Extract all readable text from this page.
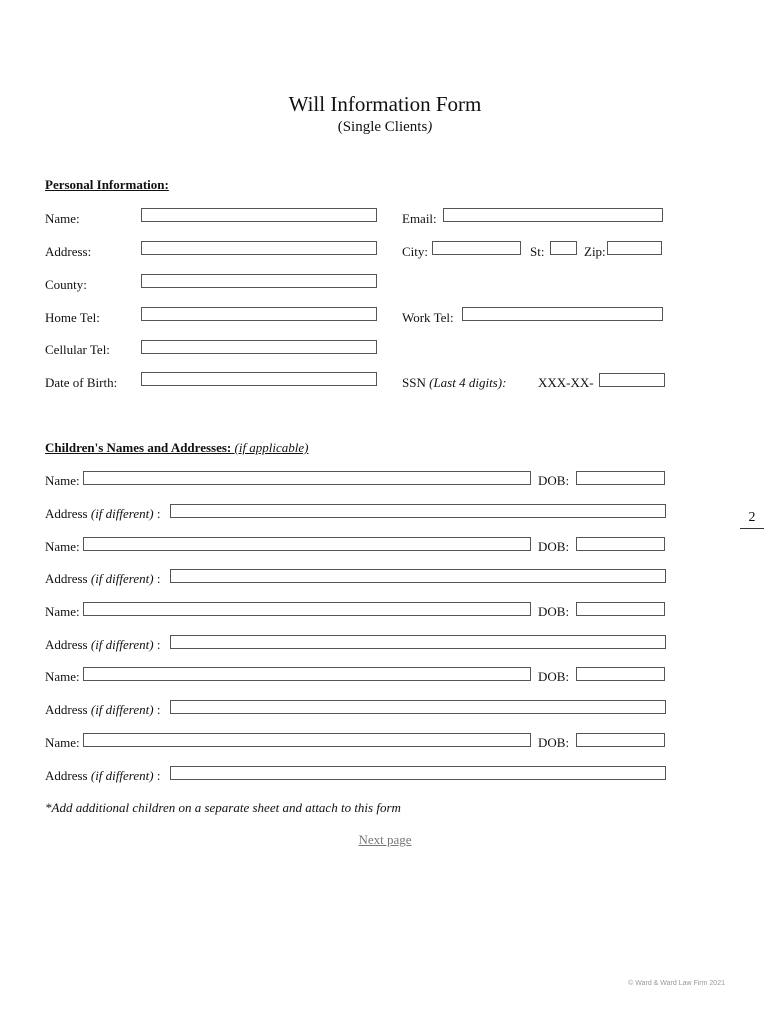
Will Information Form
(Single Clients)
Personal Information:
Name:	Email:
Address:	City:	St:	Zip:
County:
Home Tel:	Work Tel:
Cellular Tel:
Date of Birth:	SSN (Last 4 digits): XXX-XX-
Children's Names and Addresses: (if applicable)
Name:	DOB:
Address (if different) :
Name:	DOB:
Address (if different) :
Name:	DOB:
Address (if different) :
Name:	DOB:
Address (if different) :
Name:	DOB:
Address (if different) :
*Add additional children on a separate sheet and attach to this form
Next page
2
© Ward & Ward Law Firm 2021
